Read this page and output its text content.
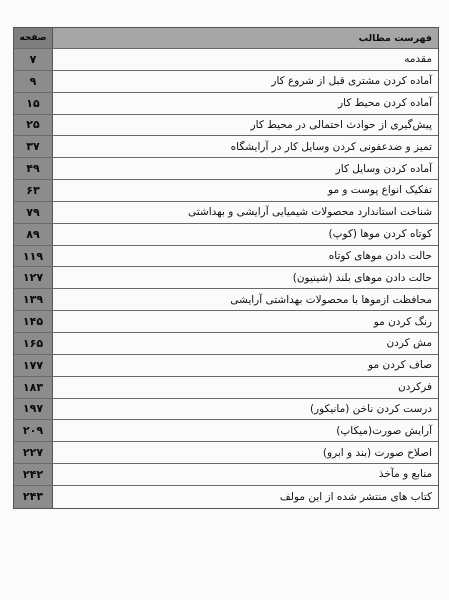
فهرست مطالب
صفحه
مقدمه
۷
آماده کردن مشتری قبل از شروع کار
۹
آماده کردن محیط کار
۱۵
پیش‌گیری از حوادث احتمالی در محیط کار
۲۵
تمیز و ضدعفونی کردن وسایل کار در آرایشگاه
۳۷
آماده کردن وسایل کار
۴۹
تفکیک انواع پوست و مو
۶۳
شناخت استاندارد محصولات شیمیایی آرایشی و بهداشتی
۷۹
کوتاه کردن موها (کوپ)
۸۹
حالت دادن موهای کوتاه
۱۱۹
حالت دادن موهای بلند (شینیون)
۱۲۷
محافظت ازموها با محصولات بهداشتی آرایشی
۱۳۹
رنگ کردن مو
۱۴۵
مش کردن
۱۶۵
صاف کردن مو
۱۷۷
فرکردن
۱۸۳
درست کردن ناخن (مانیکور)
۱۹۷
آرایش صورت(میکاپ)
۲۰۹
اصلاح صورت (بند و ابرو)
۲۲۷
منابع و مآخذ
۲۴۲
کتاب های منتشر شده از این مولف
۲۴۳
